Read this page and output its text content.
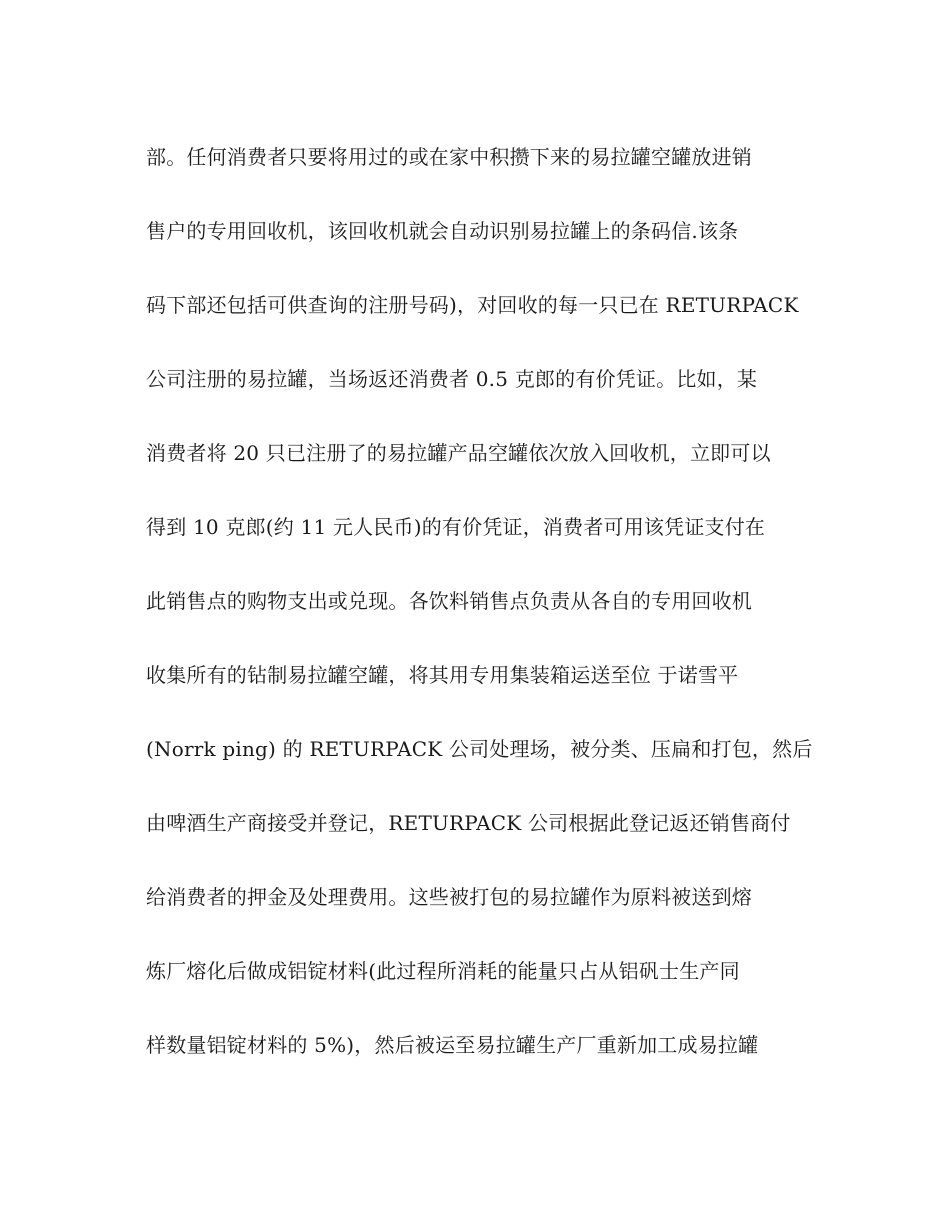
部。任何消费者只要将用过的或在家中积攒下来的易拉罐空罐放进销
售户的专用回收机，该回收机就会自动识别易拉罐上的条码信.该条
码下部还包括可供查询的注册号码)，对回收的每一只已在 RETURPACK
公司注册的易拉罐，当场返还消费者 0.5 克郎的有价凭证。比如，某
消费者将 20 只已注册了的易拉罐产品空罐依次放入回收机，立即可以
得到 10 克郎(约 11 元人民币)的有价凭证，消费者可用该凭证支付在
此销售点的购物支出或兑现。各饮料销售点负责从各自的专用回收机
收集所有的钻制易拉罐空罐，将其用专用集装箱运送至位 于诺雪平
(Norrk ping) 的 RETURPACK 公司处理场，被分类、压扁和打包，然后
由啤酒生产商接受并登记，RETURPACK 公司根据此登记返还销售商付
给消费者的押金及处理费用。这些被打包的易拉罐作为原料被送到熔
炼厂熔化后做成铝锭材料(此过程所消耗的能量只占从铝矾士生产同
样数量铝锭材料的 5%)，然后被运至易拉罐生产厂重新加工成易拉罐
